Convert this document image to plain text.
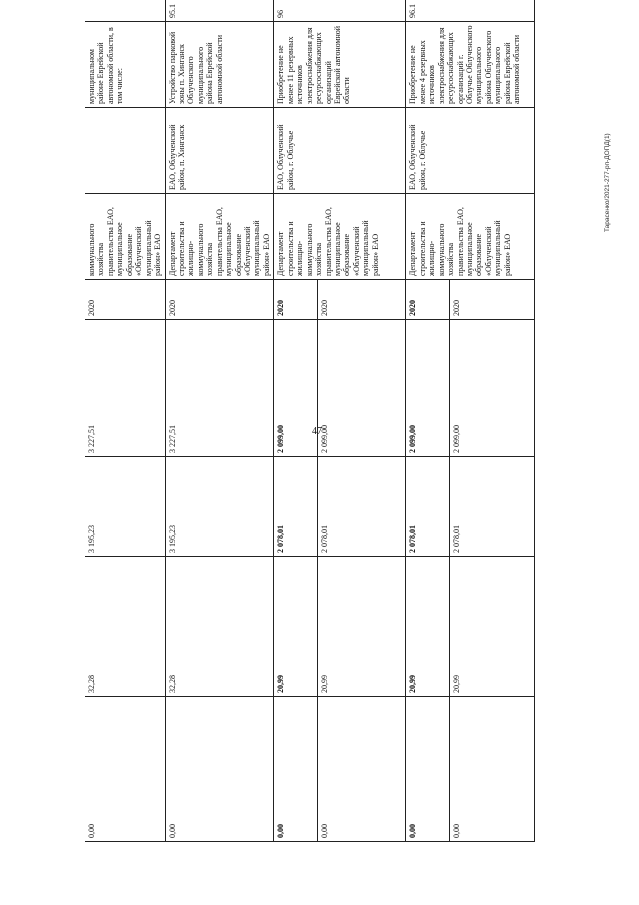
47
Тарасенко/2021-277-рп-ДОПД(1)
0,00	32,28	3 195,23	3 227,51	2020	коммунального хозяйства правительства ЕАО, муниципальное образование «Облученский муниципальный район» ЕАО		муниципальном районе Еврейской автономной области, в том числе:	
0,00	32,28	3 195,23	3 227,51	2020	Департамент строительства и жилищно-коммунального хозяйства правительства ЕАО, муниципальное образование «Облученский муниципальный район» ЕАО	ЕАО, Облученский район, п. Хинганск	Устройство парковой зоны п. Хинганск Облученского муниципального района Еврейской автономной области	95.1
0,00	20,99	2 078,01	2 099,00	2020	Департамент строительства и жилищно-коммунального хозяйства правительства ЕАО, муниципальное образование «Облученский муниципальный район» ЕАО	ЕАО, Облученский район, г. Облучье	Приобретение не менее 11 резервных источников электроснабжения для ресурсоснабжающих организаций Еврейской автономной области	96
0,00	20,99	2 078,01	2 099,00	2020				
0,00	20,99	2 078,01	2 099,00	2020	Департамент строительства и жилищно-коммунального хозяйства правительства ЕАО, муниципальное образование «Облученский муниципальный район» ЕАО	ЕАО, Облученский район, г. Облучье	Приобретение не менее 4 резервных источников электроснабжения для ресурсоснабжающих организаций г. Облучье Облученского муниципального района Облученского муниципального района Еврейской автономной области	96.1
0,00	20,99	2 078,01	2 099,00	2020				
